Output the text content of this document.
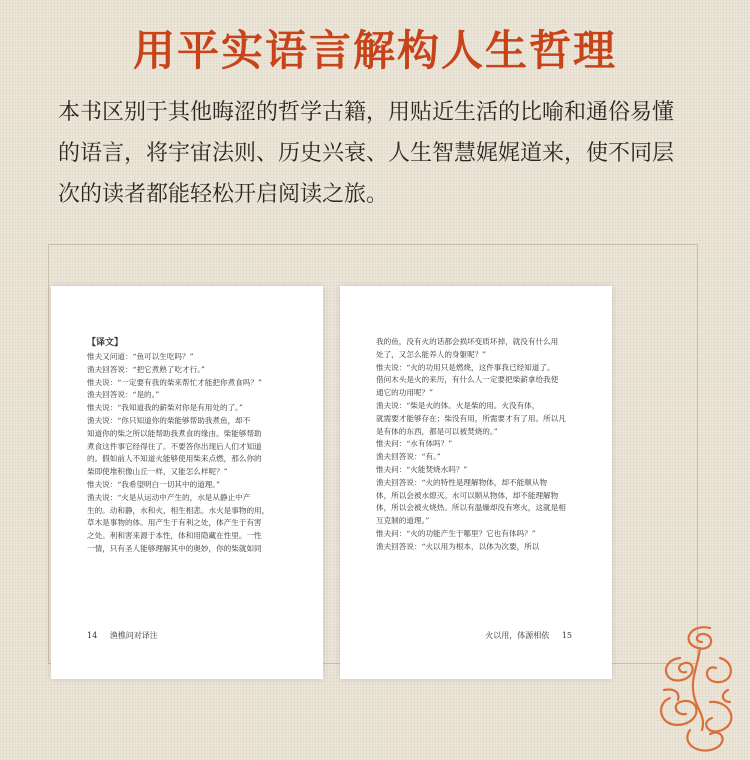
用平实语言解构人生哲理
本书区别于其他晦涩的哲学古籍，用贴近生活的比喻和通俗易懂
的语言，将宇宙法则、历史兴衰、人生智慧娓娓道来，使不同层
次的读者都能轻松开启阅读之旅。
【译文】
惟夫又问道：“鱼可以生吃吗？”
渔夫回答说：“把它煮熟了吃才行。”
惟夫说：“一定要有我的柴来帮忙才能把你煮食吗？”
渔夫回答说：“是的。”
惟夫说：“我知道我的薪柴对你是有用处的了。”
渔夫说：“你只知道你的柴能够帮助我煮鱼，却不
知道你的柴之所以能帮助我煮食的缘由。柴能够帮助
煮食这件事它经得住了。不要答你出现后人们才知道
的。假如前人不知道火能够使用柴来点燃，那么你的
柴即使堆积像山丘一样，又能怎么样呢？”
惟夫说：“我希望明白一切其中的道理。”
渔夫说：“火是从运动中产生的，水是从静止中产
生的。动和静，水和火，相生相悲。水火是事物的用，
草木是事物的体。用产生于有利之处，体产生于有害
之处。利和害来源于本性，体和用隐藏在性里。一性
一情，只有圣人能够理解其中的奥妙，你的柴就如同
14 渔樵问对译注
我的鱼，没有火的话都会损坏变质坏掉，就没有什么用
处了，又怎么能养人的身躯呢？”
惟夫说：“火的功用只是燃烧，这件事我已经知道了。
借问木头是火的来历，有什么人一定要把柴薪拿给我使
通它的功用呢？”
渔夫说：“柴是火的体。火是柴的用。火没有体，
就需要才能够存在；柴没有用，所需要才有了用。所以凡
是有体的东西，都是可以被焚烧的。”
惟夫问：“水有体吗？”
渔夫回答说：“有。”
惟夫问：“火能焚烧水吗？”
渔夫回答说：“火的特性是理解物体，却不能顺从物
体，所以会被水熄灭。水可以顺从物体，却不能理解物
体，所以会被火烧热。所以有温燥却没有寒火，这就是相
互克制的道理。”
惟夫问：“火的功能产生于哪里？它也有体吗？”
渔夫回答说：“火以用为根本，以体为次要，所以
火以用，体源相依 15
